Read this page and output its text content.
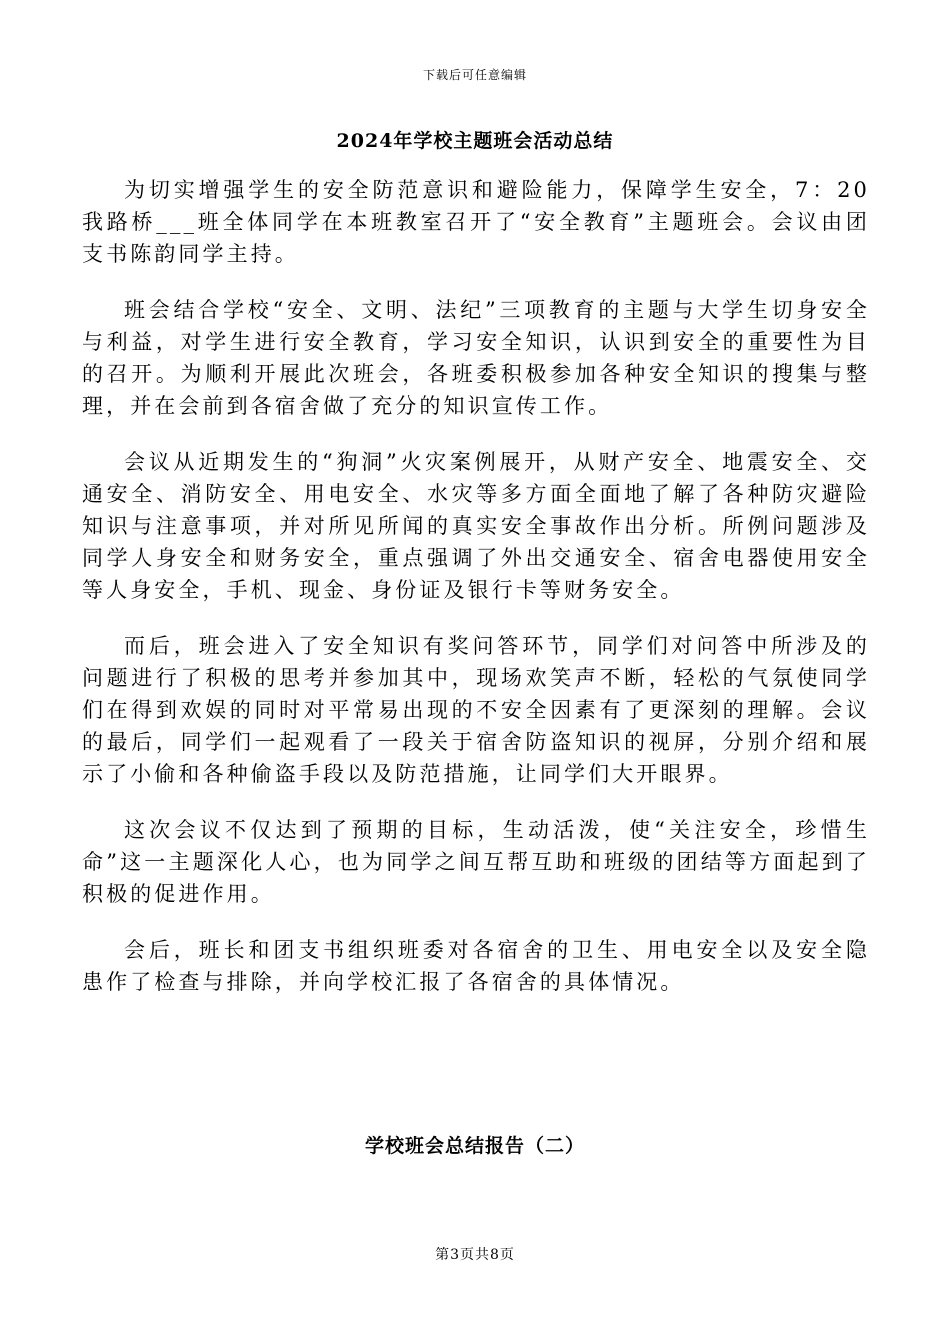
下载后可任意编辑
2024年学校主题班会活动总结

为切实增强学生的安全防范意识和避险能力，保障学生安全，7：20我路桥___班全体同学在本班教室召开了“安全教育”主题班会。会议由团支书陈韵同学主持。

班会结合学校“安全、文明、法纪”三项教育的主题与大学生切身安全与利益，对学生进行安全教育，学习安全知识，认识到安全的重要性为目的召开。为顺利开展此次班会，各班委积极参加各种安全知识的搜集与整理，并在会前到各宿舍做了充分的知识宣传工作。

会议从近期发生的“狗洞”火灾案例展开，从财产安全、地震安全、交通安全、消防安全、用电安全、水灾等多方面全面地了解了各种防灾避险知识与注意事项，并对所见所闻的真实安全事故作出分析。所例问题涉及同学人身安全和财务安全，重点强调了外出交通安全、宿舍电器使用安全等人身安全，手机、现金、身份证及银行卡等财务安全。

而后，班会进入了安全知识有奖问答环节，同学们对问答中所涉及的问题进行了积极的思考并参加其中，现场欢笑声不断，轻松的气氛使同学们在得到欢娱的同时对平常易出现的不安全因素有了更深刻的理解。会议的最后，同学们一起观看了一段关于宿舍防盗知识的视屏，分别介绍和展示了小偷和各种偷盗手段以及防范措施，让同学们大开眼界。

这次会议不仅达到了预期的目标，生动活泼，使“关注安全，珍惜生命”这一主题深化人心，也为同学之间互帮互助和班级的团结等方面起到了积极的促进作用。

会后，班长和团支书组织班委对各宿舍的卫生、用电安全以及安全隐患作了检查与排除，并向学校汇报了各宿舍的具体情况。

学校班会总结报告（二）
第3页共8页
